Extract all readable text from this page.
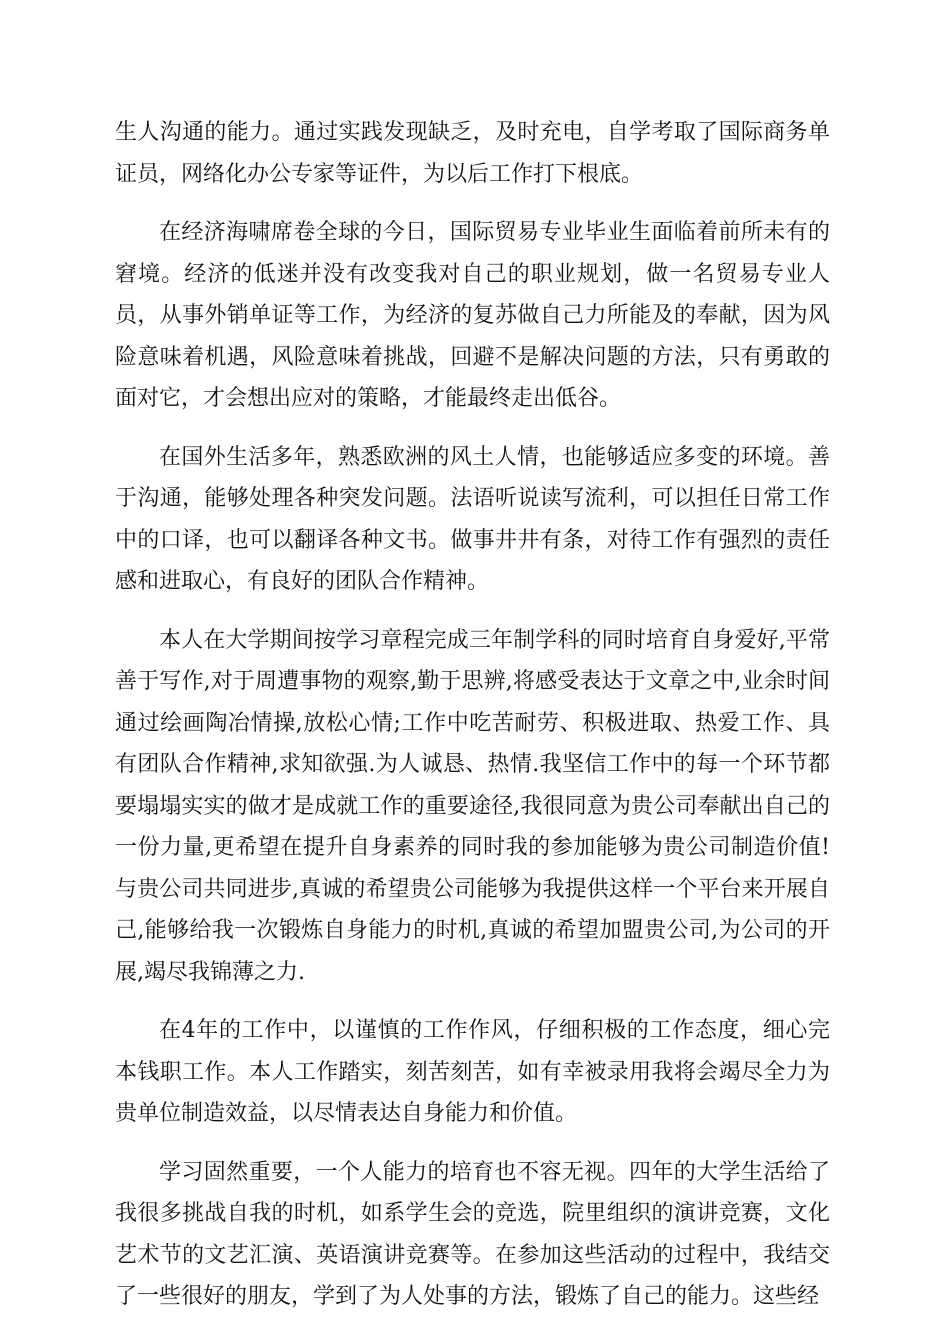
生人沟通的能力。通过实践发现缺乏，及时充电，自学考取了国际商务单证员，网络化办公专家等证件，为以后工作打下根底。

在经济海啸席卷全球的今日，国际贸易专业毕业生面临着前所未有的窘境。经济的低迷并没有改变我对自己的职业规划，做一名贸易专业人员，从事外销单证等工作，为经济的复苏做自己力所能及的奉献，因为风险意味着机遇，风险意味着挑战，回避不是解决问题的方法，只有勇敢的面对它，才会想出应对的策略，才能最终走出低谷。

在国外生活多年，熟悉欧洲的风土人情，也能够适应多变的环境。善于沟通，能够处理各种突发问题。法语听说读写流利，可以担任日常工作中的口译，也可以翻译各种文书。做事井井有条，对待工作有强烈的责任感和进取心，有良好的团队合作精神。

本人在大学期间按学习章程完成三年制学科的同时培育自身爱好,平常善于写作,对于周遭事物的观察,勤于思辨,将感受表达于文章之中,业余时间通过绘画陶冶情操,放松心情;工作中吃苦耐劳、积极进取、热爱工作、具有团队合作精神,求知欲强.为人诚恳、热情.我坚信工作中的每一个环节都要塌塌实实的做才是成就工作的重要途径,我很同意为贵公司奉献出自己的一份力量,更希望在提升自身素养的同时我的参加能够为贵公司制造价值!与贵公司共同进步,真诚的希望贵公司能够为我提供这样一个平台来开展自己,能够给我一次锻炼自身能力的时机,真诚的希望加盟贵公司,为公司的开展,竭尽我锦薄之力.

在4年的工作中，以谨慎的工作作风，仔细积极的工作态度，细心完本钱职工作。本人工作踏实，刻苦刻苦，如有幸被录用我将会竭尽全力为贵单位制造效益，以尽情表达自身能力和价值。

学习固然重要，一个人能力的培育也不容无视。四年的大学生活给了我很多挑战自我的时机，如系学生会的竞选，院里组织的演讲竞赛，文化艺术节的文艺汇演、英语演讲竞赛等。在参加这些活动的过程中，我结交了一些很好的朋友，学到了为人处事的方法，锻炼了自己的能力。这些经
